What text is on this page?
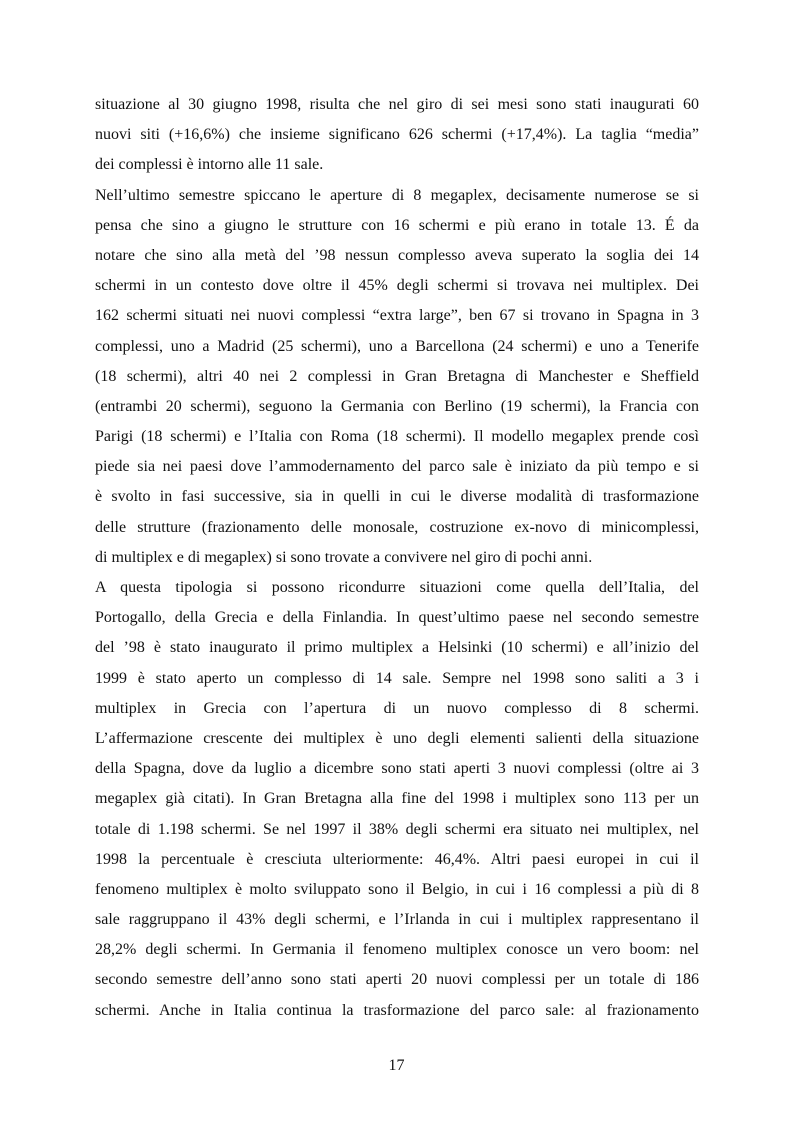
situazione al 30 giugno 1998, risulta che nel giro di sei mesi sono stati inaugurati 60
nuovi siti (+16,6%) che insieme significano 626 schermi (+17,4%). La taglia “media”
dei complessi è intorno alle 11 sale.
Nell’ultimo semestre spiccano le aperture di 8 megaplex, decisamente numerose se si
pensa che sino a giugno le strutture con 16 schermi e più erano in totale 13. É da
notare che sino alla metà del ’98 nessun complesso aveva superato la soglia dei 14
schermi in un contesto dove oltre il 45% degli schermi si trovava nei multiplex. Dei
162 schermi situati nei nuovi complessi “extra large”, ben 67 si trovano in Spagna in 3
complessi, uno a Madrid (25 schermi), uno a Barcellona (24 schermi) e uno a Tenerife
(18 schermi), altri 40 nei 2 complessi in Gran Bretagna di Manchester e Sheffield
(entrambi 20 schermi), seguono la Germania con Berlino (19 schermi), la Francia con
Parigi (18 schermi) e l’Italia con Roma (18 schermi). Il modello megaplex prende così
piede sia nei paesi dove l’ammodernamento del parco sale è iniziato da più tempo e si
è svolto in fasi successive, sia in quelli in cui le diverse modalità di trasformazione
delle strutture (frazionamento delle monosale, costruzione ex-novo di minicomplessi,
di multiplex e di megaplex) si sono trovate a convivere nel giro di pochi anni.
A questa tipologia si possono ricondurre situazioni come quella dell’Italia, del
Portogallo, della Grecia e della Finlandia. In quest’ultimo paese nel secondo semestre
del ’98 è stato inaugurato il primo multiplex a Helsinki (10 schermi) e all’inizio del
1999 è stato aperto un complesso di 14 sale. Sempre nel 1998 sono saliti a 3 i
multiplex in Grecia con l’apertura di un nuovo complesso di 8 schermi.
L’affermazione crescente dei multiplex è uno degli elementi salienti della situazione
della Spagna, dove da luglio a dicembre sono stati aperti 3 nuovi complessi (oltre ai 3
megaplex già citati). In Gran Bretagna alla fine del 1998 i multiplex sono 113 per un
totale di 1.198 schermi. Se nel 1997 il 38% degli schermi era situato nei multiplex, nel
1998 la percentuale è cresciuta ulteriormente: 46,4%. Altri paesi europei in cui il
fenomeno multiplex è molto sviluppato sono il Belgio, in cui i 16 complessi a più di 8
sale raggruppano il 43% degli schermi, e l’Irlanda in cui i multiplex rappresentano il
28,2% degli schermi. In Germania il fenomeno multiplex conosce un vero boom: nel
secondo semestre dell’anno sono stati aperti 20 nuovi complessi per un totale di 186
schermi. Anche in Italia continua la trasformazione del parco sale: al frazionamento
17
